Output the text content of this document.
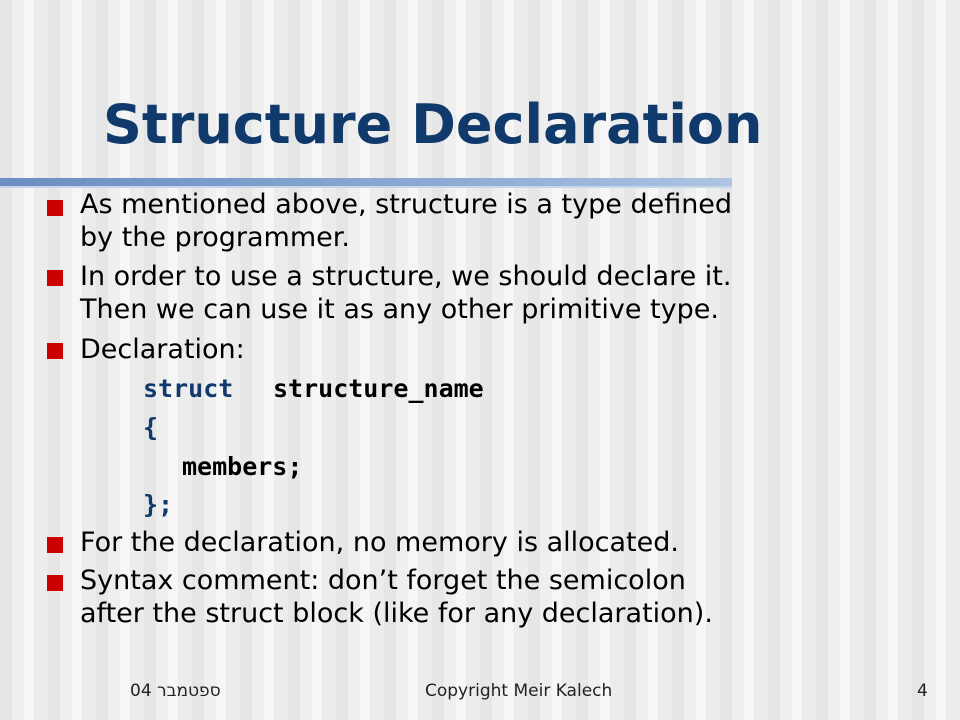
Structure Declaration
As mentioned above, structure is a type defined
by the programmer.
In order to use a structure, we should declare it.
Then we can use it as any other primitive type.
Declaration:
struct structure_name
{
members;
};
For the declaration, no memory is allocated.
Syntax comment: don’t forget the semicolon
after the struct block (like for any declaration).
ספטמבר 04	Copyright Meir Kalech	4
